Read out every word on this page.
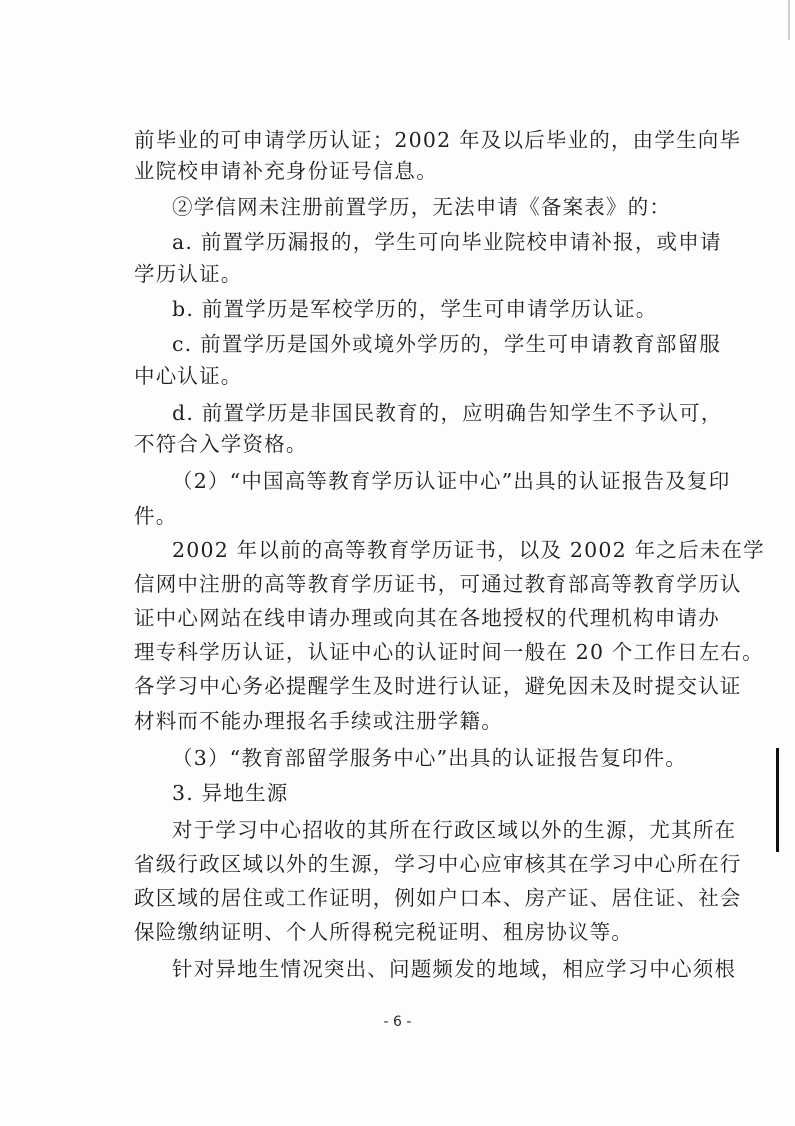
前毕业的可申请学历认证；2002 年及以后毕业的，由学生向毕
业院校申请补充身份证号信息。
②学信网未注册前置学历，无法申请《备案表》的：
a. 前置学历漏报的，学生可向毕业院校申请补报，或申请
学历认证。
b. 前置学历是军校学历的，学生可申请学历认证。
c. 前置学历是国外或境外学历的，学生可申请教育部留服
中心认证。
d. 前置学历是非国民教育的，应明确告知学生不予认可，
不符合入学资格。
（2）“中国高等教育学历认证中心”出具的认证报告及复印
件。
2002 年以前的高等教育学历证书，以及 2002 年之后未在学
信网中注册的高等教育学历证书，可通过教育部高等教育学历认
证中心网站在线申请办理或向其在各地授权的代理机构申请办
理专科学历认证，认证中心的认证时间一般在 20 个工作日左右。
各学习中心务必提醒学生及时进行认证，避免因未及时提交认证
材料而不能办理报名手续或注册学籍。
（3）“教育部留学服务中心”出具的认证报告复印件。
3. 异地生源
对于学习中心招收的其所在行政区域以外的生源，尤其所在
省级行政区域以外的生源，学习中心应审核其在学习中心所在行
政区域的居住或工作证明，例如户口本、房产证、居住证、社会
保险缴纳证明、个人所得税完税证明、租房协议等。
针对异地生情况突出、问题频发的地域，相应学习中心须根
- 6 -
